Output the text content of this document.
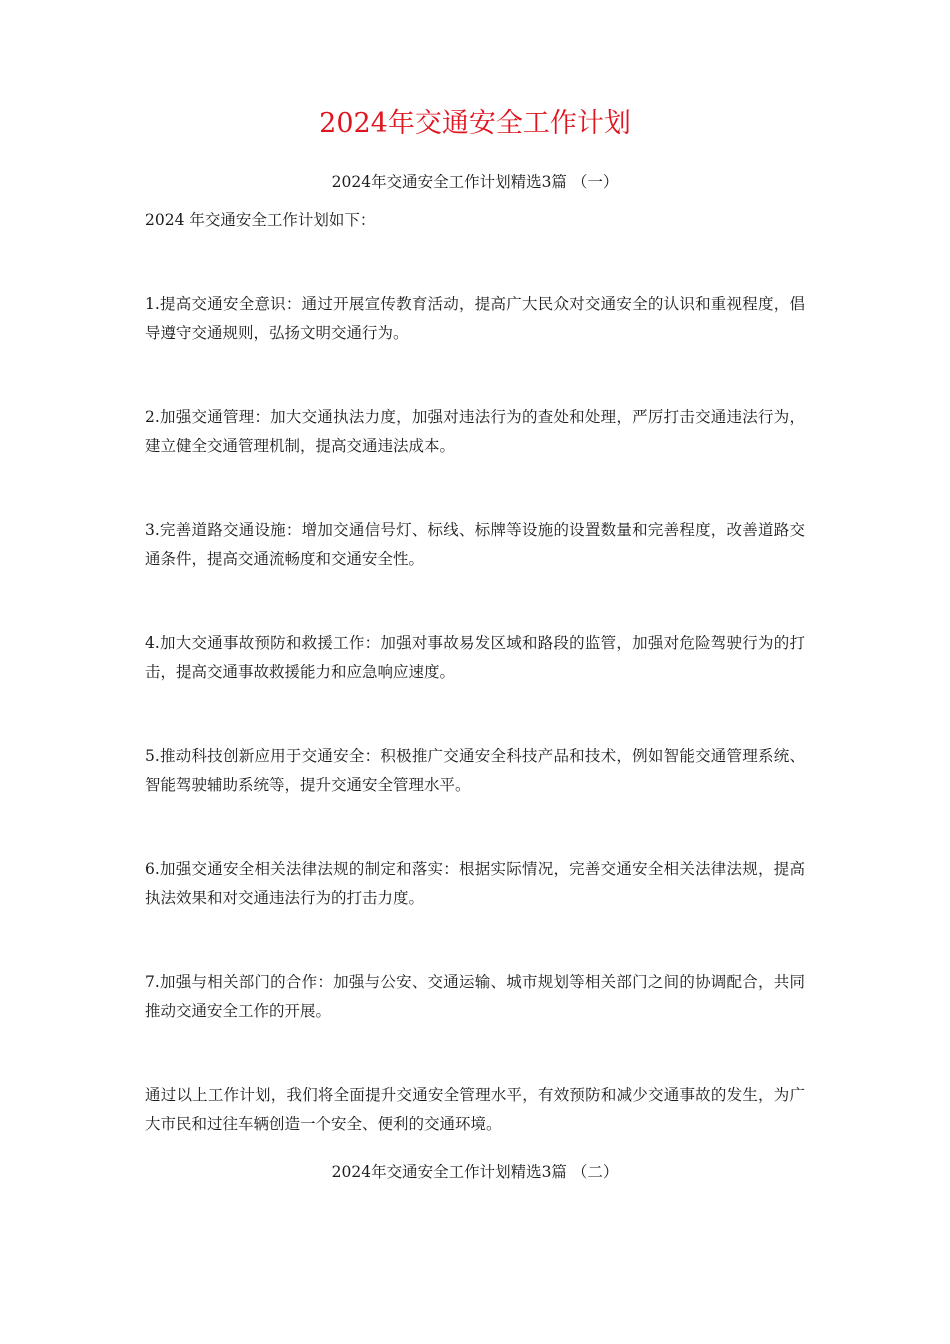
2024年交通安全工作计划

2024年交通安全工作计划精选3篇 （一）

2024 年交通安全工作计划如下：

1.提高交通安全意识：通过开展宣传教育活动，提高广大民众对交通安全的认识和重视程度，倡导遵守交通规则，弘扬文明交通行为。

2.加强交通管理：加大交通执法力度，加强对违法行为的查处和处理，严厉打击交通违法行为，建立健全交通管理机制，提高交通违法成本。

3.完善道路交通设施：增加交通信号灯、标线、标牌等设施的设置数量和完善程度，改善道路交通条件，提高交通流畅度和交通安全性。

4.加大交通事故预防和救援工作：加强对事故易发区域和路段的监管，加强对危险驾驶行为的打击，提高交通事故救援能力和应急响应速度。

5.推动科技创新应用于交通安全：积极推广交通安全科技产品和技术，例如智能交通管理系统、智能驾驶辅助系统等，提升交通安全管理水平。

6.加强交通安全相关法律法规的制定和落实：根据实际情况，完善交通安全相关法律法规，提高执法效果和对交通违法行为的打击力度。

7.加强与相关部门的合作：加强与公安、交通运输、城市规划等相关部门之间的协调配合，共同推动交通安全工作的开展。

通过以上工作计划，我们将全面提升交通安全管理水平，有效预防和减少交通事故的发生，为广大市民和过往车辆创造一个安全、便利的交通环境。

2024年交通安全工作计划精选3篇 （二）
